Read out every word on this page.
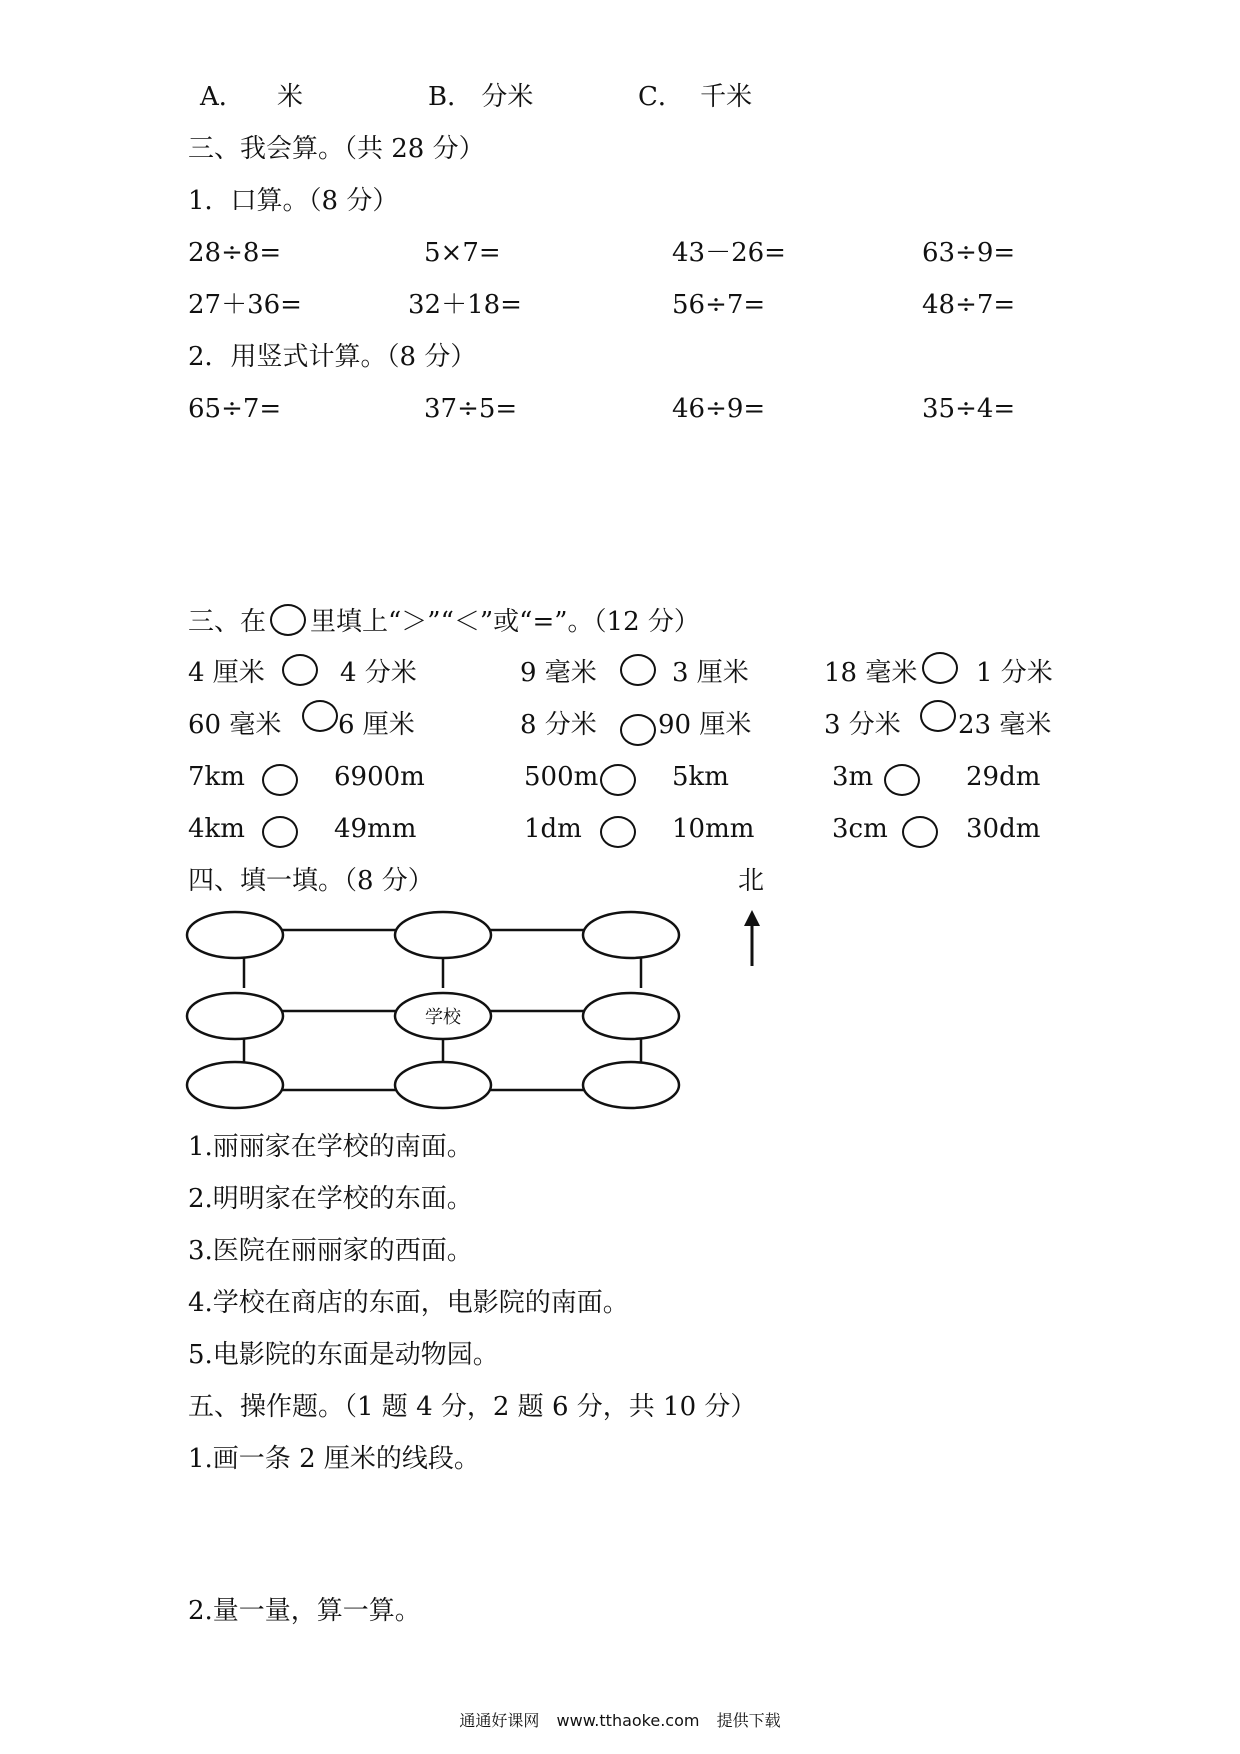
A． 米	B． 分米	C． 千米
三、我会算。（共 28 分）
1．口算。（8 分）
28÷8=	5×7=	43－26=	63÷9=
27＋36=	32＋18=	56÷7=	48÷7=
2．用竖式计算。（8 分）
65÷7=	37÷5=	46÷9=	35÷4=
三、在 里填上“＞”“＜”或“=”。（12 分）
4 厘米	4 分米	9 毫米	3 厘米	18 毫米 1 分米
60 毫米 6 厘米	8 分米 90 厘米	3 分米 23 毫米
7km	6900m	500m	5km	3m	29dm
4km	49mm	1dm	10mm	3cm	30dm
四、填一填。（8 分）	北
学校
1.丽丽家在学校的南面。
2.明明家在学校的东面。
3.医院在丽丽家的西面。
4.学校在商店的东面，电影院的南面。
5.电影院的东面是动物园。
五、操作题。（1 题 4 分，2 题 6 分，共 10 分）
1.画一条 2 厘米的线段。
2.量一量，算一算。
通通好课网 www.tthaoke.com 提供下载
